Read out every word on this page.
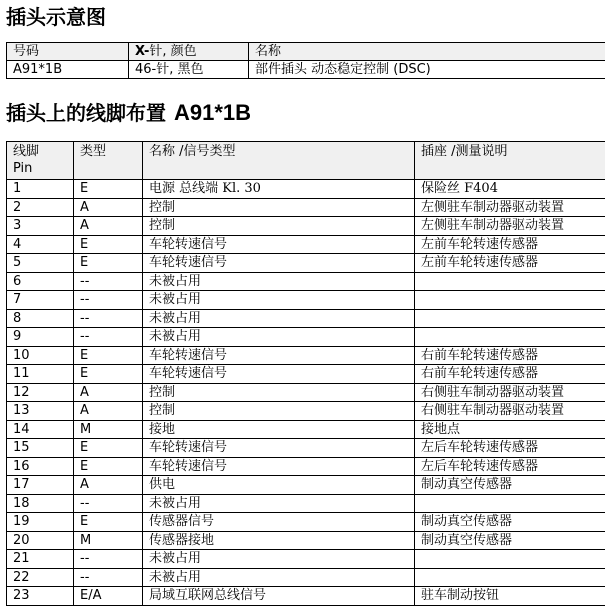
插头示意图
号码	X-针, 颜色	名称
A91*1B	46-针, 黑色	部件插头 动态稳定控制 (DSC)
插头上的线脚布置 A91*1B
线脚
Pin	类型	名称 /信号类型	插座 /测量说明
1	E	电源 总线端 Kl. 30	保险丝 F404
2	A	控制	左侧驻车制动器驱动装置
3	A	控制	左侧驻车制动器驱动装置
4	E	车轮转速信号	左前车轮转速传感器
5	E	车轮转速信号	左前车轮转速传感器
6	--	未被占用	
7	--	未被占用	
8	--	未被占用	
9	--	未被占用	
10	E	车轮转速信号	右前车轮转速传感器
11	E	车轮转速信号	右前车轮转速传感器
12	A	控制	右侧驻车制动器驱动装置
13	A	控制	右侧驻车制动器驱动装置
14	M	接地	接地点
15	E	车轮转速信号	左后车轮转速传感器
16	E	车轮转速信号	左后车轮转速传感器
17	A	供电	制动真空传感器
18	--	未被占用	
19	E	传感器信号	制动真空传感器
20	M	传感器接地	制动真空传感器
21	--	未被占用	
22	--	未被占用	
23	E/A	局域互联网总线信号	驻车制动按钮
